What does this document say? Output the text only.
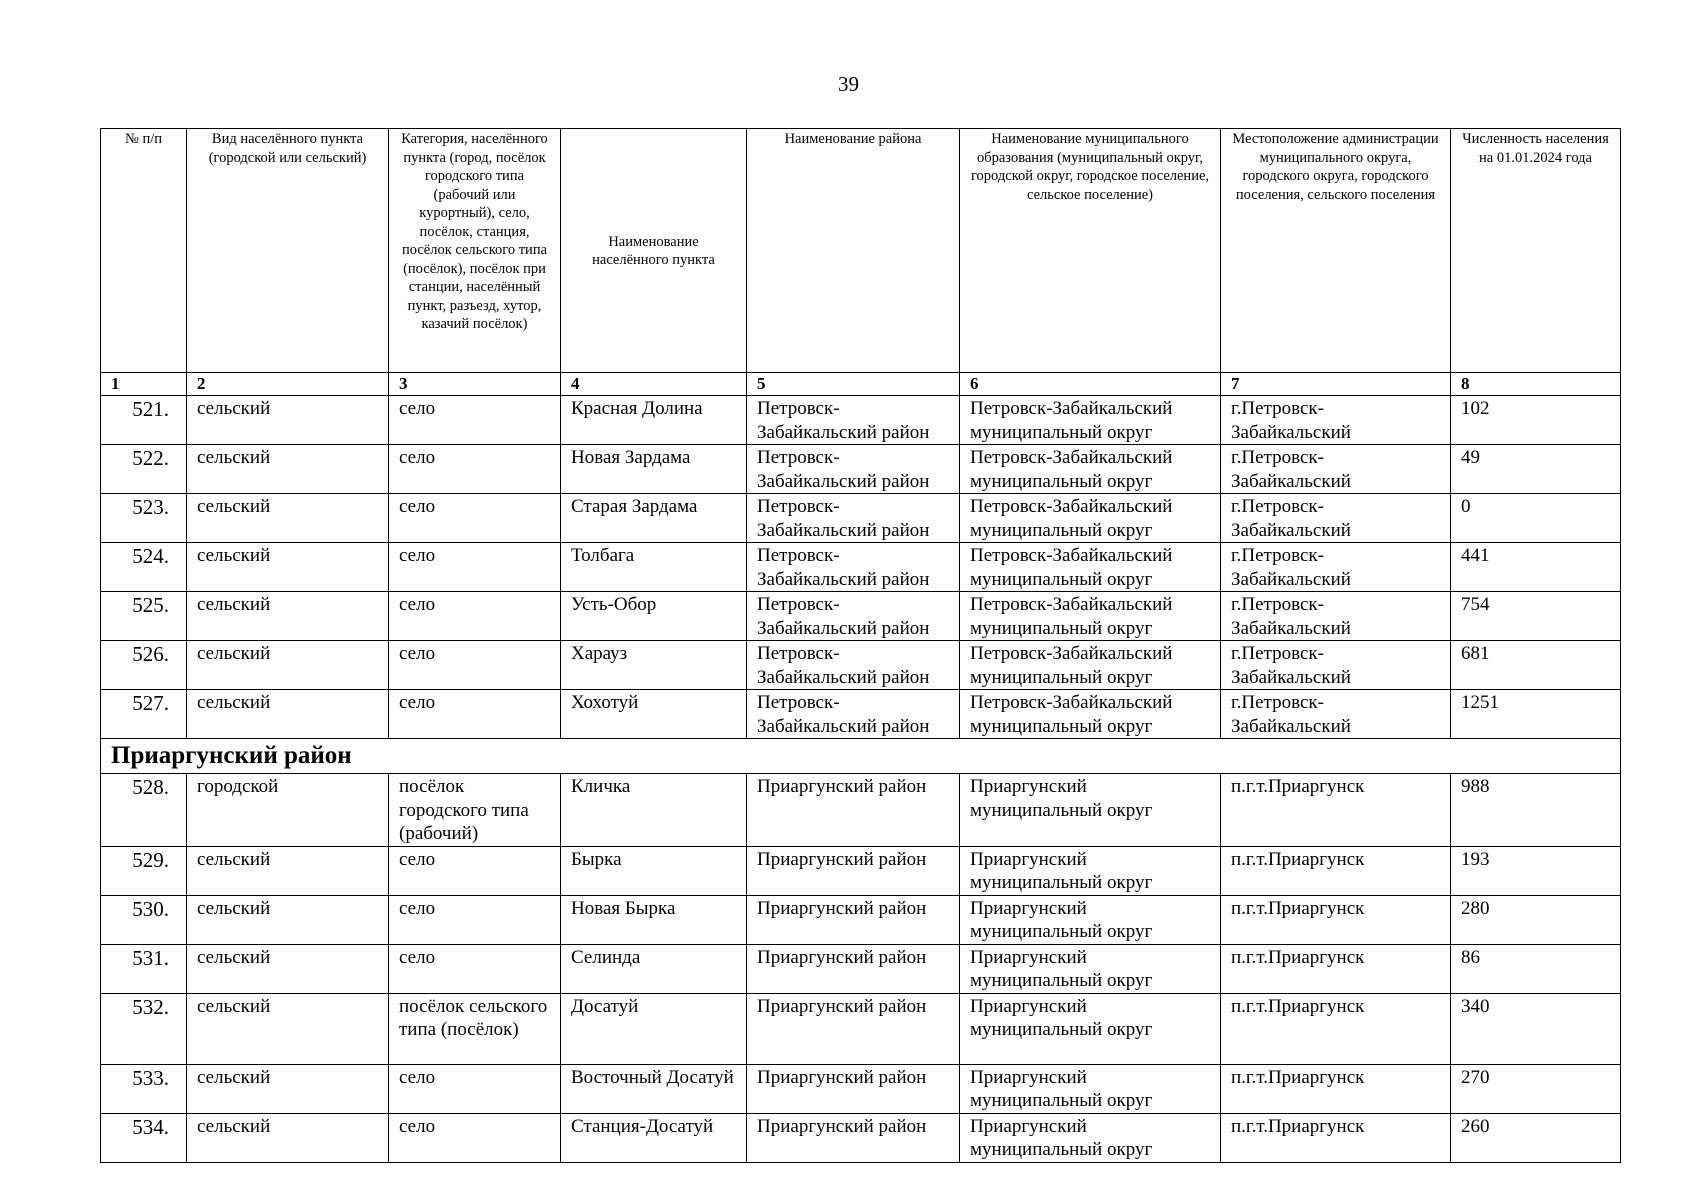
39
№ п/п	Вид населённого пункта (городской или сельский)	Категория, населённого пункта (город, посёлок городского типа (рабочий или курортный), село, посёлок, станция, посёлок сельского типа (посёлок), посёлок при станции, населённый пункт, разъезд, хутор, казачий посёлок)	Наименование населённого пункта	Наименование района	Наименование муниципального образования (муниципальный округ, городской округ, городское поселение, сельское поселение)	Местоположение администрации муниципального округа, городского округа, городского поселения, сельского поселения	Численность населения на 01.01.2024 года
1	2	3	4	5	6	7	8
521.	сельский	село	Красная Долина	Петровск-Забайкальский район	Петровск-Забайкальский муниципальный округ	г.Петровск-Забайкальский	102
522.	сельский	село	Новая Зардама	Петровск-Забайкальский район	Петровск-Забайкальский муниципальный округ	г.Петровск-Забайкальский	49
523.	сельский	село	Старая Зардама	Петровск-Забайкальский район	Петровск-Забайкальский муниципальный округ	г.Петровск-Забайкальский	0
524.	сельский	село	Толбага	Петровск-Забайкальский район	Петровск-Забайкальский муниципальный округ	г.Петровск-Забайкальский	441
525.	сельский	село	Усть-Обор	Петровск-Забайкальский район	Петровск-Забайкальский муниципальный округ	г.Петровск-Забайкальский	754
526.	сельский	село	Харауз	Петровск-Забайкальский район	Петровск-Забайкальский муниципальный округ	г.Петровск-Забайкальский	681
527.	сельский	село	Хохотуй	Петровск-Забайкальский район	Петровск-Забайкальский муниципальный округ	г.Петровск-Забайкальский	1251
Приаргунский район							
528.	городской	посёлок городского типа (рабочий)	Кличка	Приаргунский район	Приаргунский муниципальный округ	п.г.т.Приаргунск	988
529.	сельский	село	Бырка	Приаргунский район	Приаргунский муниципальный округ	п.г.т.Приаргунск	193
530.	сельский	село	Новая Бырка	Приаргунский район	Приаргунский муниципальный округ	п.г.т.Приаргунск	280
531.	сельский	село	Селинда	Приаргунский район	Приаргунский муниципальный округ	п.г.т.Приаргунск	86
532.	сельский	посёлок сельского типа (посёлок)	Досатуй	Приаргунский район	Приаргунский муниципальный округ	п.г.т.Приаргунск	340
533.	сельский	село	Восточный Досатуй	Приаргунский район	Приаргунский муниципальный округ	п.г.т.Приаргунск	270
534.	сельский	село	Станция-Досатуй	Приаргунский район	Приаргунский муниципальный округ	п.г.т.Приаргунск	260
